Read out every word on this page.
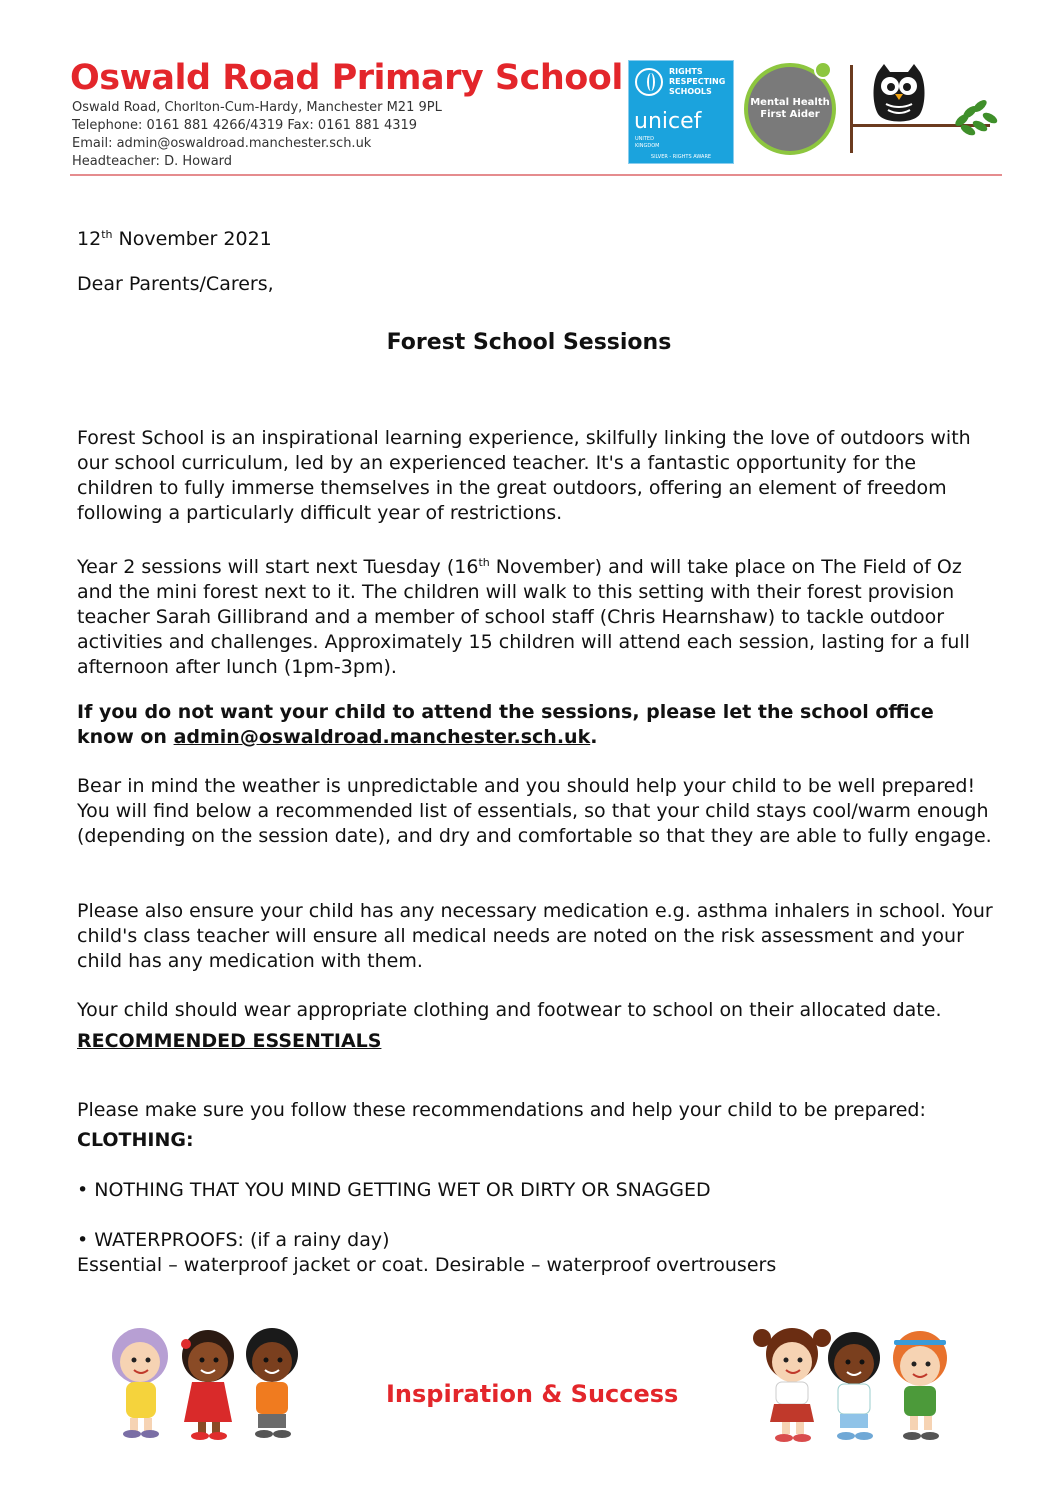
Oswald Road Primary School
Oswald Road, Chorlton-Cum-Hardy, Manchester M21 9PL
Telephone: 0161 881 4266/4319 Fax: 0161 881 4319
Email: admin@oswaldroad.manchester.sch.uk
Headteacher: D. Howard
RIGHTS
RESPECTING
SCHOOLS
unicef
UNITED
KINGDOM
SILVER - RIGHTS AWARE
Mental Health
First Aider
12th November 2021
Dear Parents/Carers,
Forest School Sessions

Forest School is an inspirational learning experience, skilfully linking the love of outdoors with our school curriculum, led by an experienced teacher. It's a fantastic opportunity for the children to fully immerse themselves in the great outdoors, offering an element of freedom following a particularly difficult year of restrictions.

Year 2 sessions will start next Tuesday (16th November) and will take place on The Field of Oz and the mini forest next to it. The children will walk to this setting with their forest provision teacher Sarah Gillibrand and a member of school staff (Chris Hearnshaw) to tackle outdoor activities and challenges. Approximately 15 children will attend each session, lasting for a full afternoon after lunch (1pm-3pm).

If you do not want your child to attend the sessions, please let the school office know on admin@oswaldroad.manchester.sch.uk.

Bear in mind the weather is unpredictable and you should help your child to be well prepared! You will find below a recommended list of essentials, so that your child stays cool/warm enough (depending on the session date), and dry and comfortable so that they are able to fully engage.

Please also ensure your child has any necessary medication e.g. asthma inhalers in school. Your child's class teacher will ensure all medical needs are noted on the risk assessment and your child has any medication with them.

Your child should wear appropriate clothing and footwear to school on their allocated date.

RECOMMENDED ESSENTIALS

Please make sure you follow these recommendations and help your child to be prepared:

CLOTHING:
• NOTHING THAT YOU MIND GETTING WET OR DIRTY OR SNAGGED
• WATERPROOFS: (if a rainy day)
Essential – waterproof jacket or coat. Desirable – waterproof overtrousers
Inspiration & Success
